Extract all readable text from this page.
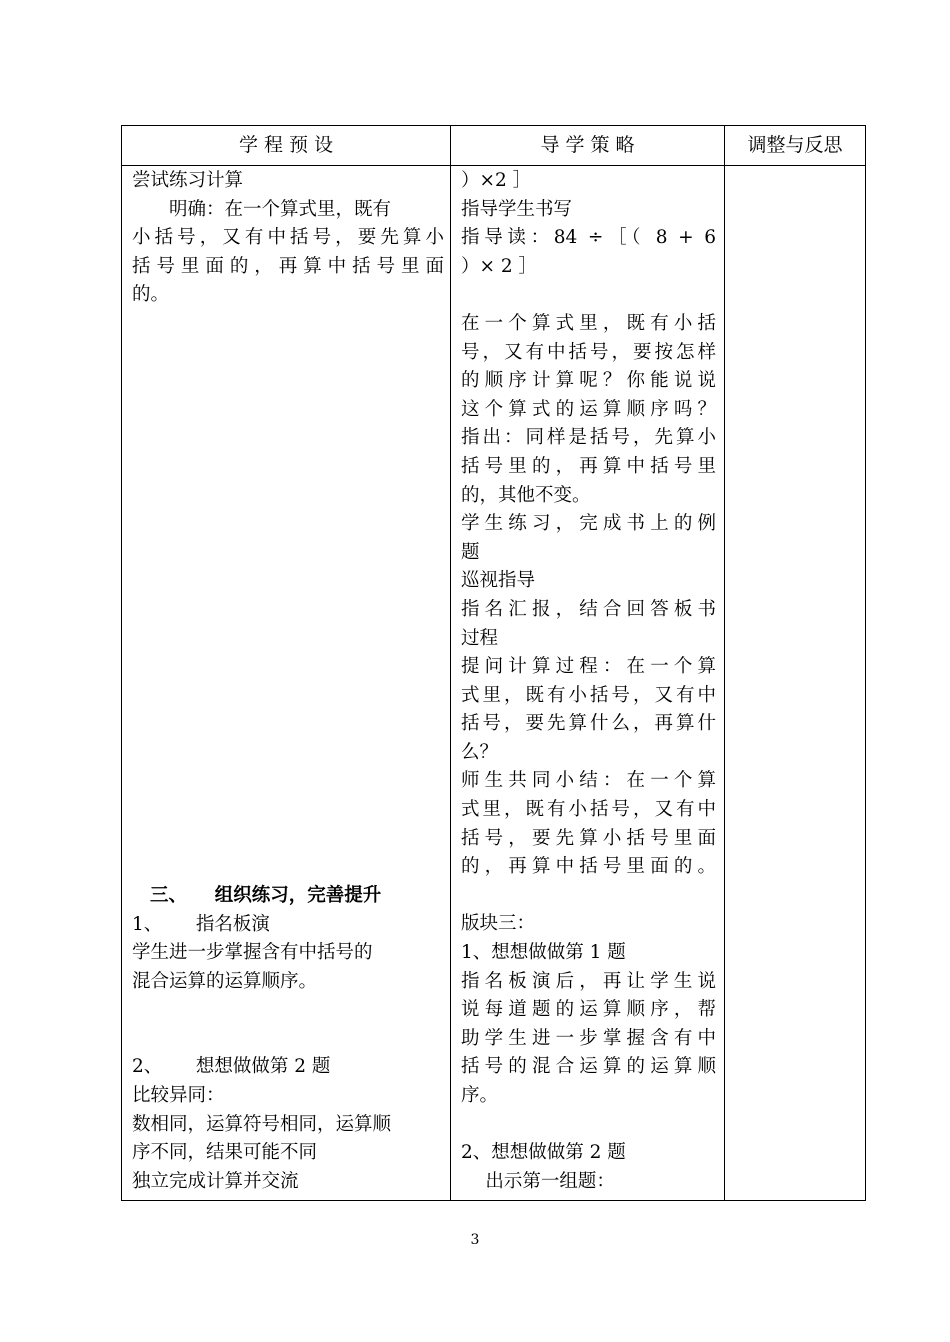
学 程 预 设	导 学 策 略	调整与反思

尝试练习计算

　　明确：在一个算式里，既有

小括号，又有中括号，要先算小

括号里面的，再算中括号里面

的。

三、　　组织练习，完善提升

1、　　 指名板演

学生进一步掌握含有中括号的

混合运算的运算顺序。

2、　　 想想做做第 2 题

比较异同：

数相同，运算符号相同，运算顺

序不同，结果可能不同

独立完成计算并交流

）×2 ］

指导学生书写

指导读：84 ÷［（ 8 + 6

）× 2 ］

在一个算式里，既有小括

号，又有中括号，要按怎样

的顺序计算呢？你能说说

这个算式的运算顺序吗？

指出：同样是括号，先算小

括号里的，再算中括号里

的，其他不变。

学生练习，完成书上的例

题

巡视指导

指名汇报，结合回答板书

过程

提问计算过程：在一个算

式里，既有小括号，又有中

括号，要先算什么，再算什

么？

师生共同小结：在一个算

式里，既有小括号，又有中

括号，要先算小括号里面

的，再算中括号里面的。

版块三：

1、想想做做第 1 题

指名板演后，再让学生说

说每道题的运算顺序，帮

助学生进一步掌握含有中

括号的混合运算的运算顺

序。

2、想想做做第 2 题

　 出示第一组题：

3
